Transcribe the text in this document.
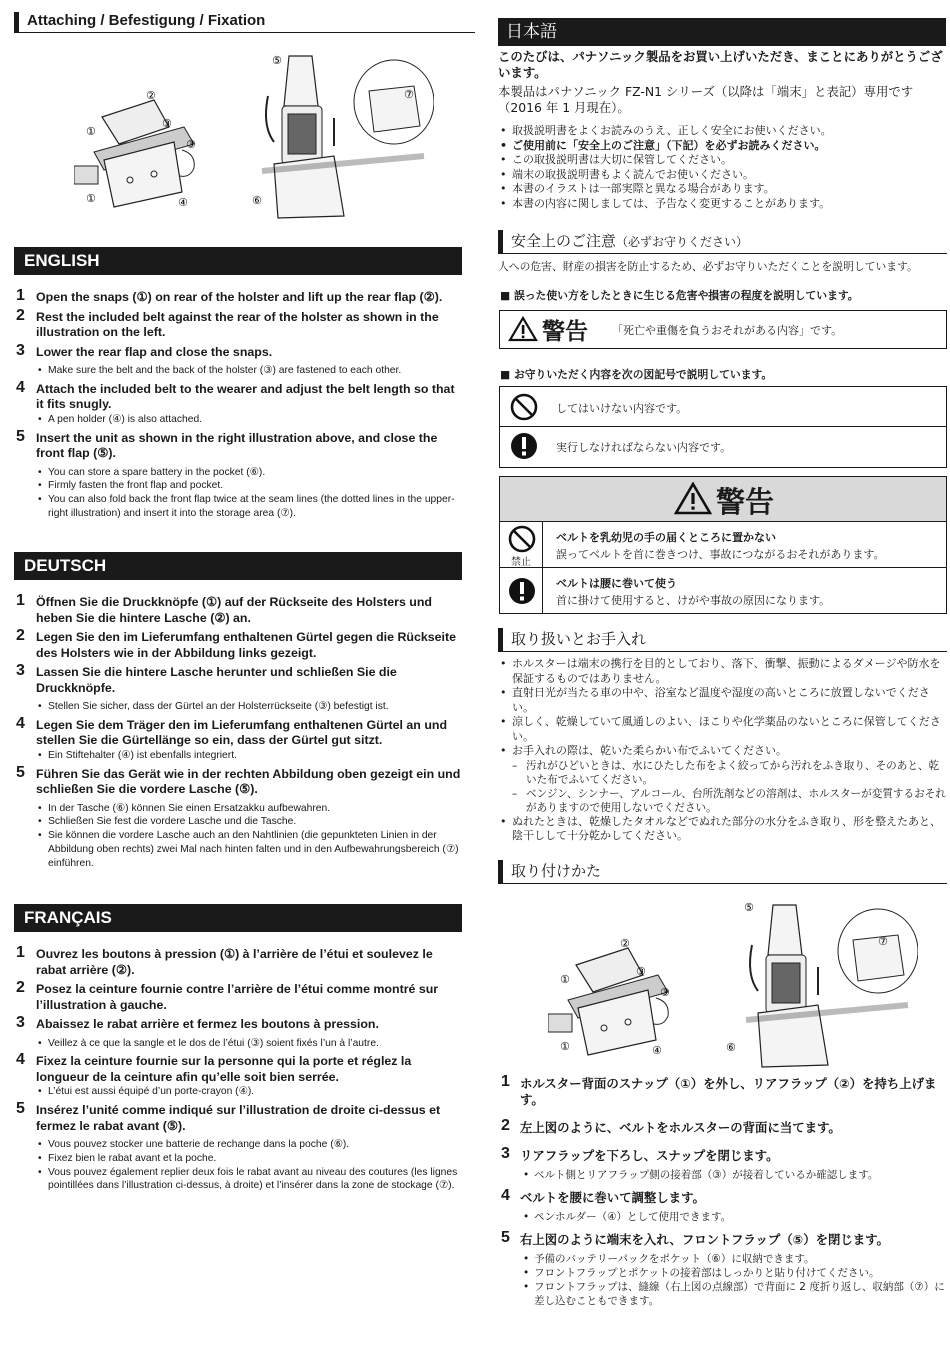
Attaching / Befestigung / Fixation
②
①
③
③
①	④
⑤
⑦
⑥
ENGLISH
1 Open the snaps (①) on rear of the holster and lift up the rear flap (②).
2 Rest the included belt against the rear of the holster as shown in the illustration on the left.
3 Lower the rear flap and close the snaps.
• Make sure the belt and the back of the holster (③) are fastened to each other.
4 Attach the included belt to the wearer and adjust the belt length so that it fits snugly.
• A pen holder (④) is also attached.
5 Insert the unit as shown in the right illustration above, and close the front flap (⑤).
• You can store a spare battery in the pocket (⑥).
• Firmly fasten the front flap and pocket.
• You can also fold back the front flap twice at the seam lines (the dotted lines in the upper-right illustration) and insert it into the storage area (⑦).
DEUTSCH
1 Öffnen Sie die Druckknöpfe (①) auf der Rückseite des Holsters und heben Sie die hintere Lasche (②) an.
2 Legen Sie den im Lieferumfang enthaltenen Gürtel gegen die Rückseite des Holsters wie in der Abbildung links gezeigt.
3 Lassen Sie die hintere Lasche herunter und schließen Sie die Druckknöpfe.
• Stellen Sie sicher, dass der Gürtel an der Holsterrückseite (③) befestigt ist.
4 Legen Sie dem Träger den im Lieferumfang enthaltenen Gürtel an und stellen Sie die Gürtellänge so ein, dass der Gürtel gut sitzt.
• Ein Stiftehalter (④) ist ebenfalls integriert.
5 Führen Sie das Gerät wie in der rechten Abbildung oben gezeigt ein und schließen Sie die vordere Lasche (⑤).
• In der Tasche (⑥) können Sie einen Ersatzakku aufbewahren.
• Schließen Sie fest die vordere Lasche und die Tasche.
• Sie können die vordere Lasche auch an den Nahtlinien (die gepunkteten Linien in der Abbildung oben rechts) zwei Mal nach hinten falten und in den Aufbewahrungsbereich (⑦) einführen.
FRANÇAIS
1 Ouvrez les boutons à pression (①) à l’arrière de l’étui et soulevez le rabat arrière (②).
2 Posez la ceinture fournie contre l’arrière de l’étui comme montré sur l’illustration à gauche.
3 Abaissez le rabat arrière et fermez les boutons à pression.
• Veillez à ce que la sangle et le dos de l’étui (③) soient fixés l’un à l’autre.
4 Fixez la ceinture fournie sur la personne qui la porte et réglez la longueur de la ceinture afin qu’elle soit bien serrée.
• L’étui est aussi équipé d’un porte-crayon (④).
5 Insérez l’unité comme indiqué sur l’illustration de droite ci-dessus et fermez le rabat avant (⑤).
• Vous pouvez stocker une batterie de rechange dans la poche (⑥).
• Fixez bien le rabat avant et la poche.
• Vous pouvez également replier deux fois le rabat avant au niveau des coutures (les lignes pointillées dans l’illustration ci-dessus, à droite) et l’insérer dans la zone de stockage (⑦).
日本語
このたびは、パナソニック製品をお買い上げいただき、まことにありがとうございます。
本製品はパナソニック FZ-N1 シリーズ（以降は「端末」と表記）専用です（2016 年 1 月現在）。
• 取扱説明書をよくお読みのうえ、正しく安全にお使いください。
• ご使用前に「安全上のご注意」（下記）を必ずお読みください。
• この取扱説明書は大切に保管してください。
• 端末の取扱説明書もよく読んでお使いください。
• 本書のイラストは一部実際と異なる場合があります。
• 本書の内容に関しましては、予告なく変更することがあります。
安全上のご注意（必ずお守りください）
人への危害、財産の損害を防止するため、必ずお守りいただくことを説明しています。
■ 誤った使い方をしたときに生じる危害や損害の程度を説明しています。
警告 「死亡や重傷を負うおそれがある内容」です。
■ お守りいただく内容を次の図記号で説明しています。
してはいけない内容です。
実行しなければならない内容です。
警告
禁止
ベルトを乳幼児の手の届くところに置かない
誤ってベルトを首に巻きつけ、事故につながるおそれがあります。
ベルトは腰に巻いて使う
首に掛けて使用すると、けがや事故の原因になります。
取り扱いとお手入れ
• ホルスターは端末の携行を目的としており、落下、衝撃、振動によるダメージや防水を保証するものではありません。
• 直射日光が当たる車の中や、浴室など温度や湿度の高いところに放置しないでください。
• 涼しく、乾燥していて風通しのよい、ほこりや化学薬品のないところに保管してください。
• お手入れの際は、乾いた柔らかい布でふいてください。
– 汚れがひどいときは、水にひたした布をよく絞ってから汚れをふき取り、そのあと、乾いた布でふいてください。
– ベンジン、シンナー、アルコール、台所洗剤などの溶剤は、ホルスターが変質するおそれがありますので使用しないでください。
• ぬれたときは、乾燥したタオルなどでぬれた部分の水分をふき取り、形を整えたあと、陰干しして十分乾かしてください。
取り付けかた
②
①
③
③
①	④
⑤
⑦
⑥
1 ホルスター背面のスナップ（①）を外し、リアフラップ（②）を持ち上げます。
2 左上図のように、ベルトをホルスターの背面に当てます。
3 リアフラップを下ろし、スナップを閉じます。
• ベルト側とリアフラップ側の接着部（③）が接着しているか確認します。
4 ベルトを腰に巻いて調整します。
• ペンホルダー（④）として使用できます。
5 右上図のように端末を入れ、フロントフラップ（⑤）を閉じます。
• 予備のバッテリーパックをポケット（⑥）に収納できます。
• フロントフラップとポケットの接着部はしっかりと貼り付けてください。
• フロントフラップは、縫線（右上図の点線部）で背面に 2 度折り返し、収納部（⑦）に差し込むこともできます。
